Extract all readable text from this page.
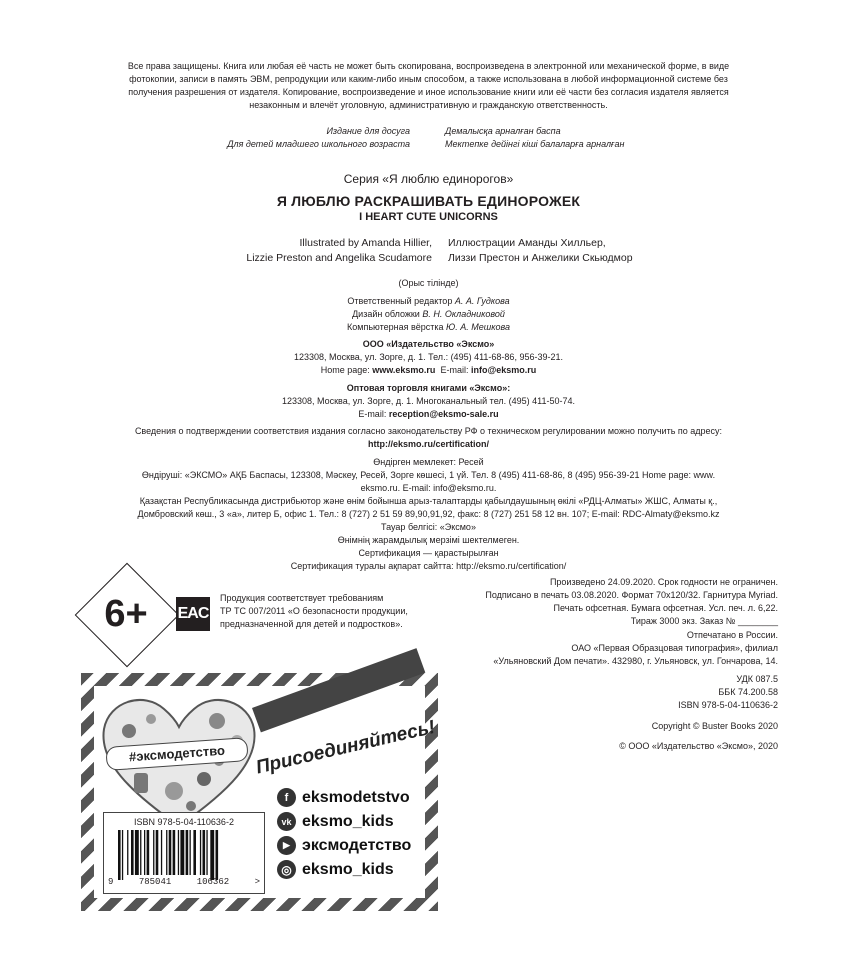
Все права защищены. Книга или любая её часть не может быть скопирована, воспроизведена в электронной или механической форме, в виде
фотокопии, записи в память ЭВМ, репродукции или каким-либо иным способом, а также использована в любой информационной системе без
получения разрешения от издателя. Копирование, воспроизведение и иное использование книги или её части без согласия издателя является
незаконным и влечёт уголовную, административную и гражданскую ответственность.
Издание для досуга
Для детей младшего школьного возраста
Демалысқа арналған баспа
Мектепке дейінгі кіші балаларға арналған
Серия «Я люблю единорогов»
Я ЛЮБЛЮ РАСКРАШИВАТЬ ЕДИНОРОЖЕК
I HEART CUTE UNICORNS
Illustrated by Amanda Hillier,
Lizzie Preston and Angelika Scudamore
Иллюстрации Аманды Хилльер,
Лиззи Престон и Анжелики Скьюдмор
(Орыс тілінде)
Ответственный редактор А. А. Гудкова
Дизайн обложки В. Н. Окладниковой
Компьютерная вёрстка Ю. А. Мешкова
ООО «Издательство «Эксмо»
123308, Москва, ул. Зорге, д. 1. Тел.: (495) 411-68-86, 956-39-21.
Home page: www.eksmo.ru E-mail: info@eksmo.ru
Оптовая торговля книгами «Эксмо»:
123308, Москва, ул. Зорге, д. 1. Многоканальный тел. (495) 411-50-74.
E-mail: reception@eksmo-sale.ru
Сведения о подтверждении соответствия издания согласно законодательству РФ о техническом регулировании можно получить по адресу:
http://eksmo.ru/certification/
Өндірген мемлекет: Ресей
Өндіруші: «ЭКСМО» АҚБ Баспасы, 123308, Мәскеу, Ресей, Зорге көшесі, 1 үй. Тел. 8 (495) 411-68-86, 8 (495) 956-39-21 Home page: www.
eksmo.ru. E-mail: info@eksmo.ru.
Қазақстан Республикасында дистрибьютор және өнім бойынша арыз-талаптарды қабылдаушының өкілі «РДЦ-Алматы» ЖШС, Алматы қ.,
Домбровский көш., 3 «а», литер Б, офис 1. Тел.: 8 (727) 2 51 59 89,90,91,92, факс: 8 (727) 251 58 12 вн. 107; E-mail: RDC-Almaty@eksmo.kz
Тауар белгісі: «Эксмо»
Өнімнің жарамдылық мерзімі шектелмеген.
Сертификация — қарастырылған
Сертификация туралы ақпарат сайтта: http://eksmo.ru/certification/
6+	EAC
Продукция соответствует требованиям
ТР ТС 007/2011 «О безопасности продукции,
предназначенной для детей и подростков».
Произведено 24.09.2020. Срок годности не ограничен.
Подписано в печать 03.08.2020. Формат 70x120/32. Гарнитура Myriad.
Печать офсетная. Бумага офсетная. Усл. печ. л. 6,22.
Тираж 3000 экз. Заказ № ________
Отпечатано в России.
ОАО «Первая Образцовая типография», филиал
«Ульяновский Дом печати». 432980, г. Ульяновск, ул. Гончарова, 14.
УДК 087.5
ББК 74.200.58
ISBN 978-5-04-110636-2
Copyright © Buster Books 2020
© ООО «Издательство «Эксмо», 2020
#эксмодетство	Присоединяйтесь!
f eksmodetstvo
vk eksmo_kids
▶ эксмодетство
◎ eksmo_kids
ISBN 978-5-04-110636-2
9	785041	106362	>
